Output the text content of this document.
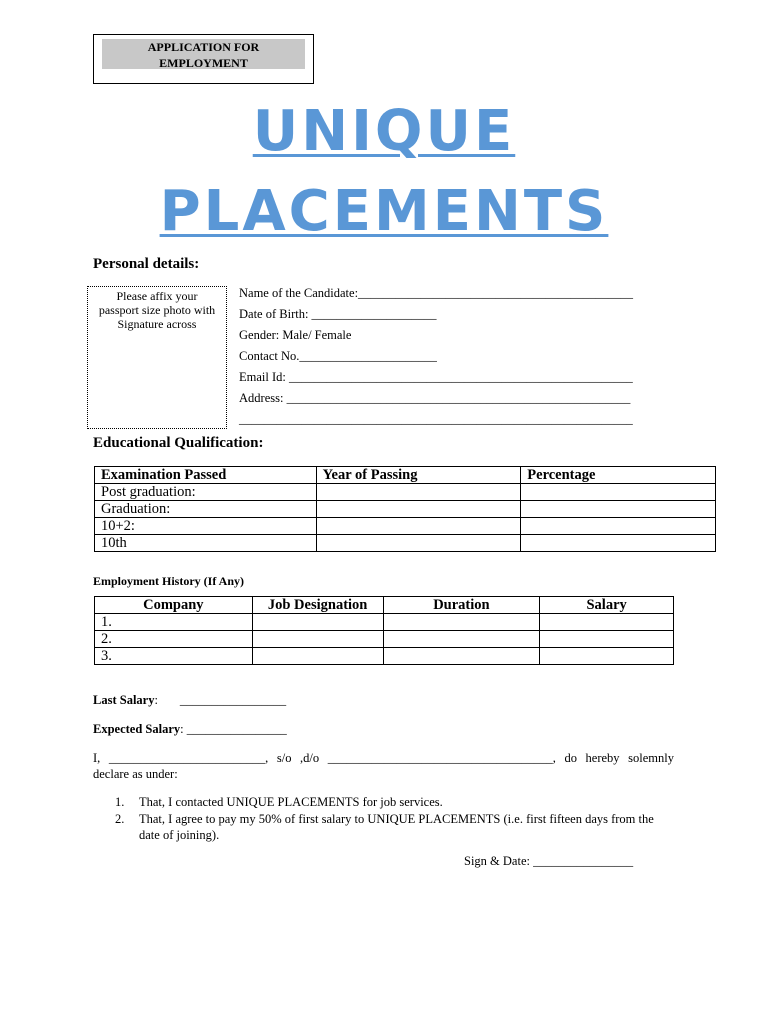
APPLICATION FOR
EMPLOYMENT
UNIQUE
PLACEMENTS
Personal details:
Please affix your
passport size photo with
Signature across
Name of the Candidate:____________________________________________
Date of Birth: ____________________
Gender: Male/ Female
Contact No.______________________
Email Id: _______________________________________________________
Address: _______________________________________________________
_______________________________________________________________
Educational Qualification:
Examination Passed	Year of Passing	Percentage
Post graduation:		
Graduation:		
10+2:		
10th		
Employment History (If Any)
Company	Job Designation	Duration	Salary
1.			
2.			
3.			
Last Salary:       _________________
Expected Salary: ________________
I, _________________________, s/o ,d/o ____________________________________, do hereby solemnly declare as under:
1. That, I contacted UNIQUE PLACEMENTS for job services.
2. That, I agree to pay my 50% of first salary to UNIQUE PLACEMENTS (i.e. first fifteen days from the date of joining).
Sign & Date: ________________
